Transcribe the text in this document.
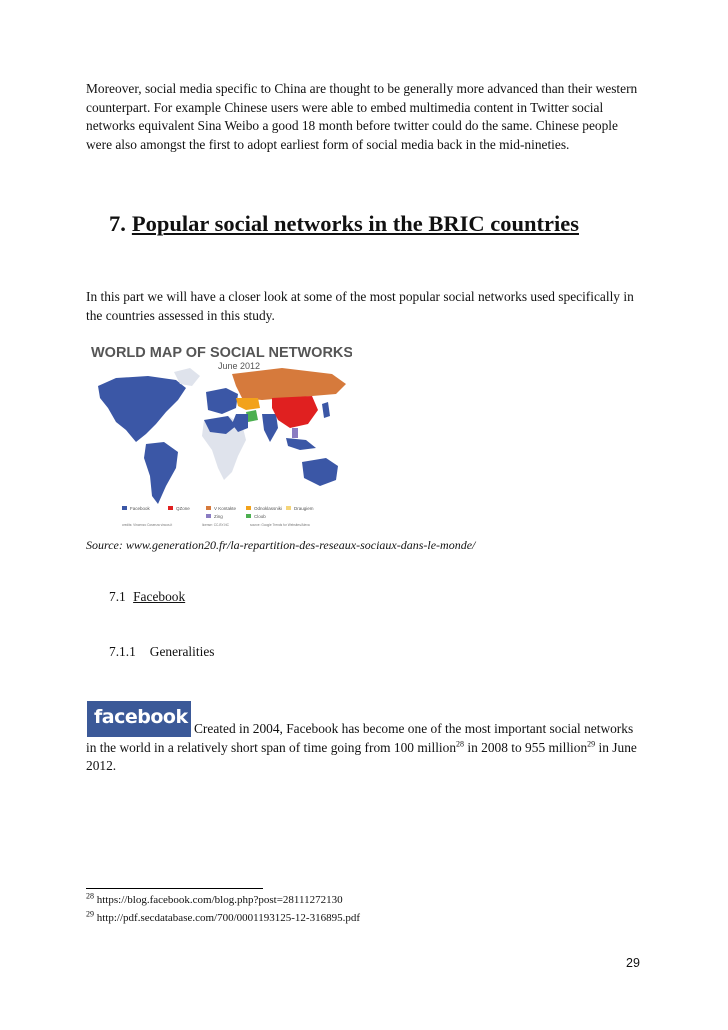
Moreover, social media specific to China are thought to be generally more advanced than their western counterpart. For example Chinese users were able to embed multimedia content in Twitter social networks equivalent Sina Weibo a good 18 month before twitter could do the same. Chinese people were also amongst the first to adopt earliest form of social media back in the mid-nineties.

7. Popular social networks in the BRIC countries

In this part we will have a closer look at some of the most popular social networks used specifically in the countries assessed in this study.

WORLD MAP OF SOCIAL NETWORKS
June 2012
Facebook	QZone	V Kontakte	Odnoklassniki	Draugiem
Zing	Cloob
credits: Vincenzo Cosenza vincos.it	license: CC-BY-NC	source: Google Trends for Websites/Alexa

Source: www.generation20.fr/la-repartition-des-reseaux-sociaux-dans-le-monde/

7.1 Facebook

7.1.1 Generalities

facebook

Created in 2004, Facebook has become one of the most important social networks in the world in a relatively short span of time going from 100 million$^{28}$ in 2008 to 955 million$^{29}$ in June 2012.

$^{28}$ https://blog.facebook.com/blog.php?post=28111272130

$^{29}$ http://pdf.secdatabase.com/700/0001193125-12-316895.pdf

29
